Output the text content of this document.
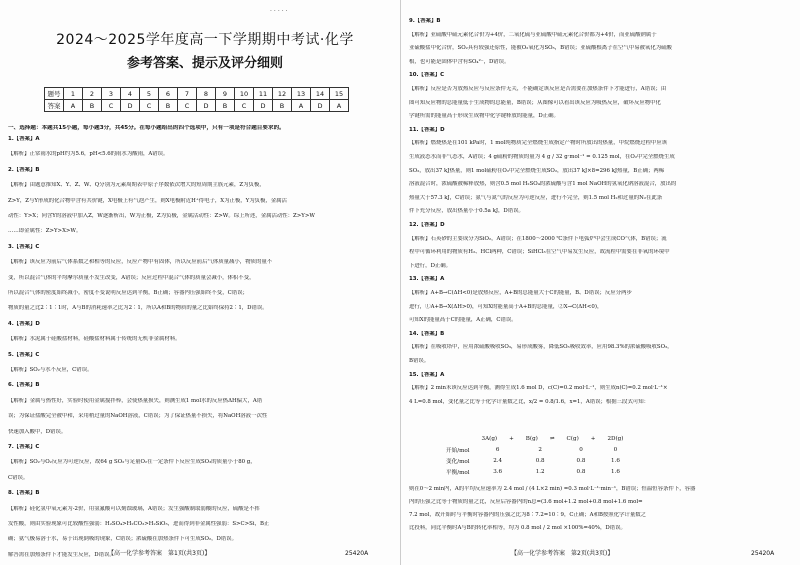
·····
2024～2025学年度高一下学期期中考试·化学
参考答案、提示及评分细则
题号	1	2	3	4	5	6	7	8	9	10	11	12	13	14	15
答案	A	B	C	D	C	B	C	D	B	C	D	B	A	D	A
一、选择题：本题共15小题，每小题3分，共45分。在每小题给出的四个选项中，只有一项是符合题目要求的。
1.【答案】A
【解析】正常雨水的pH约为5.6，pH<5.6的雨水为酸雨，A错误。
2.【答案】B
【解析】由题意推知X、Y、Z、W、Q分别为元素周期表中原子序数依次增大的短周期主族元素，Z为负极，
Z>Y，Z与Y形成的化合物中含有共价键，X电极上有气泡产生，则X电极附近H⁺得电子，X为正极，Y为负极，金属活
动性：Y>X；向含Y的溶液中加入Z，W逐渐析出，W为正极，Z为负极，金属活动性：Z>W。综上所述，金属活动性：Z>Y>W
……即金属性：Z>Y>X>W。
3.【答案】C
【解析】该反应为前后气体系数之和相等的反应，反应产物中有固体，所以反应前后气体质量减小，物质的量不
变，所以混合气体的平均摩尔质量不发生改变，A错误；反应过程中混合气体的质量会减小，体积不变，
所以混合气体的密度始终减小，密度不变说明反应达到平衡，B正确；容器内压强始终不变，C错误；
物质的量之比2∶1∶1时，A与B的消耗速率之比为2∶1，所以A和B的物质的量之比始终保持2∶1，D错误。
4.【答案】D
【解析】水泥属于硅酸盐材料，硅酸盐材料属于传统的无机非金属材料。
5.【答案】C
【解析】SO₂与水不反应，C错误。
6.【答案】B
【解析】金属与热性好，实验时使用金属搅拌棒，会使热量损失，则测生成1 mol水的反应热ΔH偏大，A错
误；为保证盐酸完全被中和，采用稍过量的NaOH溶液，C错误；为了保证热量不损失，将NaOH溶液一次性
快速加入酸中，D错误。
7.【答案】C
【解析】SO₂与O₂反应为可逆反应，故64 g SO₂与足量O₂在一定条件下反应生成SO₃的质量小于80 g，
C错误。
8.【答案】B
【解析】硅化氢中氧元素为-2价，用氢氟酸可以刻蚀玻璃，A错误；发生强酸制取弱酸的反应，硫酸是不挥
发性酸，则由实验现象可比较酸性强弱：H₂SO₄>H₂CO₃>H₂SiO₃，进而得到非金属性强弱：S>C>Si，B正
确；氨气极易溶于水，易于出现倒吸的现象，C错误；浓硫酸在加热条件下可生成SO₂，D错误。
解答需在加热条件下才能发生反应，D错误。
【高一化学参考答案　第1页(共3页)】	25420A
9.【答案】B
【解析】亚硫酸中硫元素化合价为+4价，二氧化硫与亚硫酸中硫元素化合价都为+4价，而亚硫酸钠属于
亚硫酸盐中化合价，SO₂具有较强还原性，能被O₂氧化为SO₃，B错误；亚硫酸根离子在空气中易被氧化为硫酸
根，也可能是固体中含有SO₄²⁻，D错误。
10.【答案】C
【解析】反应是否为放热反应与反应条件无关，不能确定该反应是否需要在加热条件下才能进行，A错误；由
图可知反应物的总能量低于生成物的总能量，B错误；从图像可以看出该反应为吸热反应，破坏反应物中化
学键所需的能量高于形成生成物中化学键释放的能量，D正确。
11.【答案】D
【解析】燃烧热是在101 kPa时，1 mol纯物质完全燃烧生成指定产物时所放出的热量，甲烷燃烧过程中应该
生成液态水而非气态水，A错误；4 g硫粉的物质的量为 4 g / 32 g·mol⁻¹ = 0.125 mol，在O₂中完全燃烧生成
SO₂，放出37 kJ热量，则1 mol硫粉在O₂中完全燃烧生成SO₂，放出37 kJ×8=296 kJ热量，B正确；两稀
溶液混合时，浓硫酸被稀释放热，则含0.5 mol H₂SO₄的浓硫酸与含1 mol NaOH的氢氧化钠溶液混合，放出的
热量大于57.3 kJ，C错误；氨气与氮气的反应为可逆反应，进行不完全，则1.5 mol H₂和过量的N₂在此条
件下充分反应，放出热量小于0.5a kJ，D错误。
12.【答案】D
【解析】石英砂的主要成分为SiO₂，A错误；在1800～2000 ℃条件下电弧炉中会生成CO气体，B错误；流
程中可循环利用的物质有H₂、HCl两种，C错误；SiHCl₃在空气中易发生反应，故流程中需要在非氧的环境中
下进行，D正确。
13.【答案】A
【解析】A+B→C(ΔH<0)是放热反应，A+B的总能量大于C的能量，B、D错误；反应分两步
进行，①A+B→X(ΔH>0)，可知X的能量高于A+B的总能量，②X→C(ΔH<0)，
可知X的能量高于C的能量，A正确，C错误。
14.【答案】B
【解析】在吸收塔中，应用浓硫酸吸收SO₃，易形成酸雾，降低SO₃吸收效率，应用98.3%的浓硫酸吸收SO₃，
B错误。
15.【答案】A
【解析】2 min末该反应达到平衡，测得生成1.6 mol D，c(C)=0.2 mol·L⁻¹，则生成n(C)=0.2 mol·L⁻¹×
4 L=0.8 mol，变化量之比等于化学计量数之比，x/2 = 0.8/1.6，x=1，A错误；根据三段式可知：
	3A(g)	+	B(g)	⇌	C(g)	+	2D(g)
开始/mol	6		2		0		0
变化/mol	2.4		0.8		0.8		1.6
平衡/mol	3.6		1.2		0.8		1.6
则在0～2 min内，A的平均反应速率为 2.4 mol / (4 L×2 min) =0.3 mol·L⁻¹·min⁻¹，B错误；恒温恒容条件下，容器
内的压强之比等于物质的量之比，反应后容器内的n总=(3.6 mol+1.2 mol+0.8 mol+1.6 mol=
7.2 mol，故开始时与平衡时容器内的压强之比为8∶7.2=10∶9，C正确；A和B按照化学计量数之
比投料，同比平衡时A与B的转化率相等，均为 0.8 mol / 2 mol ×100%=40%，D错误。
【高一化学参考答案　第2页(共3页)】	25420A
